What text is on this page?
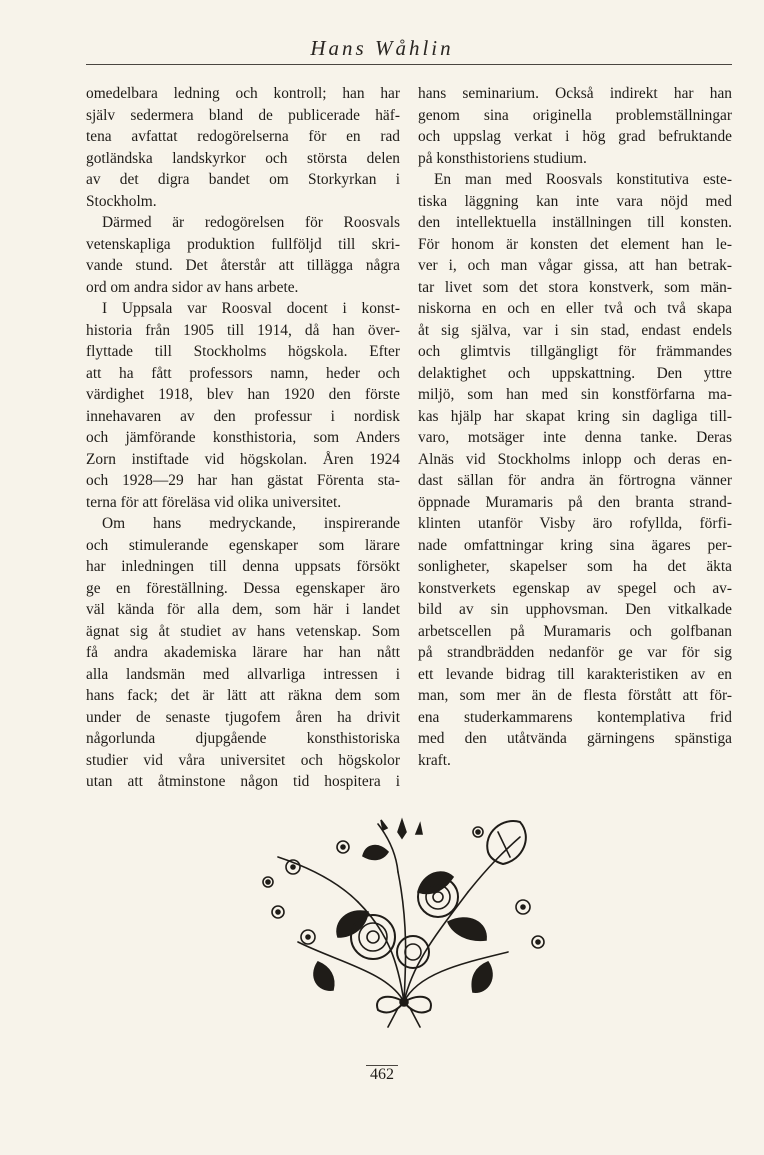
Hans Wåhlin
omedelbara ledning och kontroll; han har
själv sedermera bland de publicerade häf-
tena avfattat redogörelserna för en rad
gotländska landskyrkor och största delen
av det digra bandet om Storkyrkan i
Stockholm.
Därmed är redogörelsen för Roosvals
vetenskapliga produktion fullföljd till skri-
vande stund. Det återstår att tillägga några
ord om andra sidor av hans arbete.
I Uppsala var Roosval docent i konst-
historia från 1905 till 1914, då han över-
flyttade till Stockholms högskola. Efter
att ha fått professors namn, heder och
värdighet 1918, blev han 1920 den förste
innehavaren av den professur i nordisk
och jämförande konsthistoria, som Anders
Zorn instiftade vid högskolan. Åren 1924
och 1928—29 har han gästat Förenta sta-
terna för att föreläsa vid olika universitet.
Om hans medryckande, inspirerande
och stimulerande egenskaper som lärare
har inledningen till denna uppsats försökt
ge en föreställning. Dessa egenskaper äro
väl kända för alla dem, som här i landet
ägnat sig åt studiet av hans vetenskap. Som
få andra akademiska lärare har han nått
alla landsmän med allvarliga intressen i
hans fack; det är lätt att räkna dem som
under de senaste tjugofem åren ha drivit
någorlunda djupgående konsthistoriska
studier vid våra universitet och högskolor
utan att åtminstone någon tid hospitera i
hans seminarium. Också indirekt har han
genom sina originella problemställningar
och uppslag verkat i hög grad befruktande
på konsthistoriens studium.
En man med Roosvals konstitutiva este-
tiska läggning kan inte vara nöjd med
den intellektuella inställningen till konsten.
För honom är konsten det element han le-
ver i, och man vågar gissa, att han betrak-
tar livet som det stora konstverk, som män-
niskorna en och en eller två och två skapa
åt sig själva, var i sin stad, endast endels
och glimtvis tillgängligt för främmandes
delaktighet och uppskattning. Den yttre
miljö, som han med sin konstförfarna ma-
kas hjälp har skapat kring sin dagliga till-
varo, motsäger inte denna tanke. Deras
Alnäs vid Stockholms inlopp och deras en-
dast sällan för andra än förtrogna vänner
öppnade Muramaris på den branta strand-
klinten utanför Visby äro rofyllda, förfi-
nade omfattningar kring sina ägares per-
sonligheter, skapelser som ha det äkta
konstverkets egenskap av spegel och av-
bild av sin upphovsman. Den vitkalkade
arbetscellen på Muramaris och golfbanan
på strandbrädden nedanför ge var för sig
ett levande bidrag till karakteristiken av en
man, som mer än de flesta förstått att för-
ena studerkammarens kontemplativa frid
med den utåtvända gärningens spänstiga
kraft.
462
